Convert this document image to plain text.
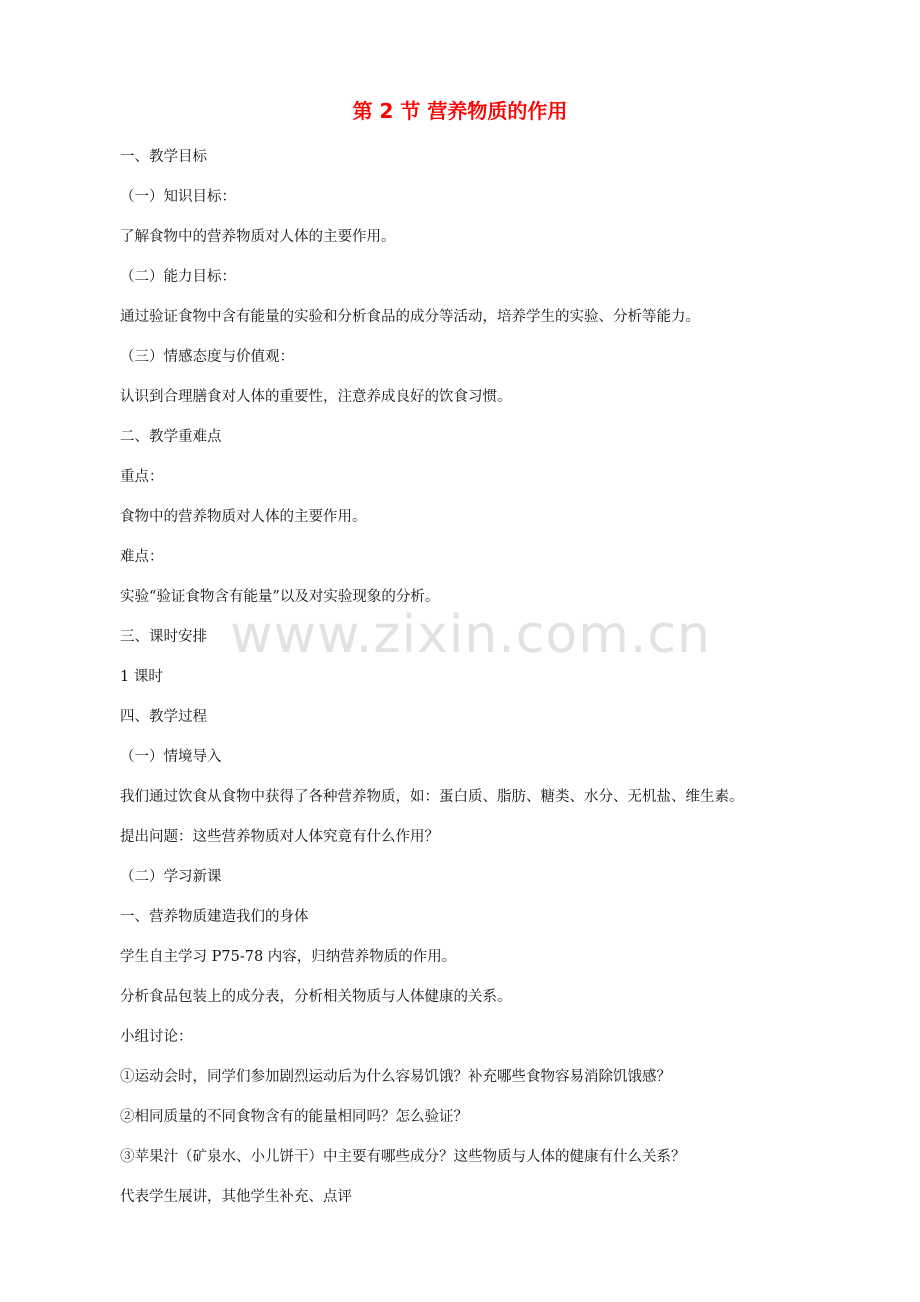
第 2 节 营养物质的作用
一、教学目标
（一）知识目标：
了解食物中的营养物质对人体的主要作用。
（二）能力目标：
通过验证食物中含有能量的实验和分析食品的成分等活动，培养学生的实验、分析等能力。
（三）情感态度与价值观：
认识到合理膳食对人体的重要性，注意养成良好的饮食习惯。
二、教学重难点
重点：
食物中的营养物质对人体的主要作用。
难点：
实验“验证食物含有能量”以及对实验现象的分析。
三、课时安排
1 课时
四、教学过程
（一）情境导入
我们通过饮食从食物中获得了各种营养物质，如：蛋白质、脂肪、糖类、水分、无机盐、维生素。
提出问题：这些营养物质对人体究竟有什么作用？
（二）学习新课
一、营养物质建造我们的身体
学生自主学习 P75-78 内容，归纳营养物质的作用。
分析食品包装上的成分表，分析相关物质与人体健康的关系。
小组讨论：
①运动会时，同学们参加剧烈运动后为什么容易饥饿？补充哪些食物容易消除饥饿感？
②相同质量的不同食物含有的能量相同吗？怎么验证？
③苹果汁（矿泉水、小儿饼干）中主要有哪些成分？这些物质与人体的健康有什么关系？
代表学生展讲，其他学生补充、点评
www.zixin.com.cn
